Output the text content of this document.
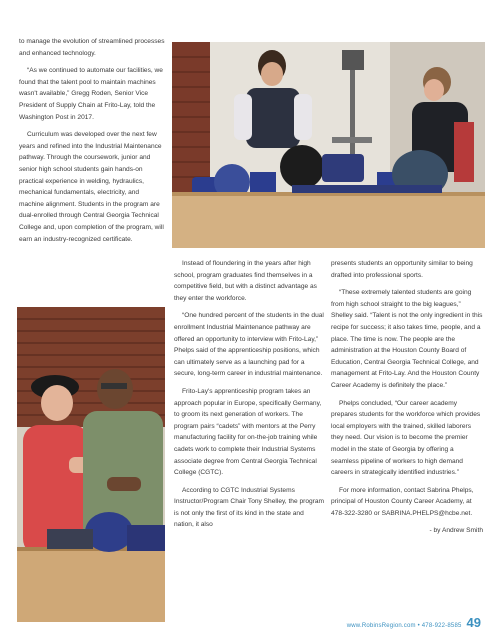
to manage the evolution of streamlined processes and enhanced technology.

“As we continued to automate our facilities, we found that the talent pool to maintain machines wasn't available,” Gregg Roden, Senior Vice President of Supply Chain at Frito-Lay, told the Washington Post in 2017.

Curriculum was developed over the next few years and refined into the Industrial Maintenance pathway. Through the coursework, junior and senior high school students gain hands-on practical experience in welding, hydraulics, mechanical fundamentals, electricity, and machine alignment. Students in the program are dual-enrolled through Central Georgia Technical College and, upon completion of the program, will earn an industry-recognized certificate.

Instead of floundering in the years after high school, program graduates find themselves in a competitive field, but with a distinct advantage as they enter the workforce.

“One hundred percent of the students in the dual enrollment Industrial Maintenance pathway are offered an opportunity to interview with Frito-Lay,” Phelps said of the apprenticeship positions, which can ultimately serve as a launching pad for a secure, long-term career in industrial maintenance.

Frito-Lay's apprenticeship program takes an approach popular in Europe, specifically Germany, to groom its next generation of workers. The program pairs “cadets” with mentors at the Perry manufacturing facility for on-the-job training while cadets work to complete their Industrial Systems associate degree from Central Georgia Technical College (CGTC).

According to CGTC Industrial Systems Instructor/Program Chair Tony Shelley, the program is not only the first of its kind in the state and nation, it also

presents students an opportunity similar to being drafted into professional sports.

“These extremely talented students are going from high school straight to the big leagues,” Shelley said. “Talent is not the only ingredient in this recipe for success; it also takes time, people, and a place. The time is now. The people are the administration at the Houston County Board of Education, Central Georgia Technical College, and management at Frito-Lay. And the Houston County Career Academy is definitely the place.”

Phelps concluded, “Our career academy prepares students for the workforce which provides local employers with the trained, skilled laborers they need. Our vision is to become the premier model in the state of Georgia by offering a seamless pipeline of workers to high demand careers in strategically identified industries.”

For more information, contact Sabrina Phelps, principal of Houston County Career Academy, at 478-322-3280 or SABRINA.PHELPS@hcbe.net.

- by Andrew Smith

www.RobinsRegion.com • 478-922-8585 49
